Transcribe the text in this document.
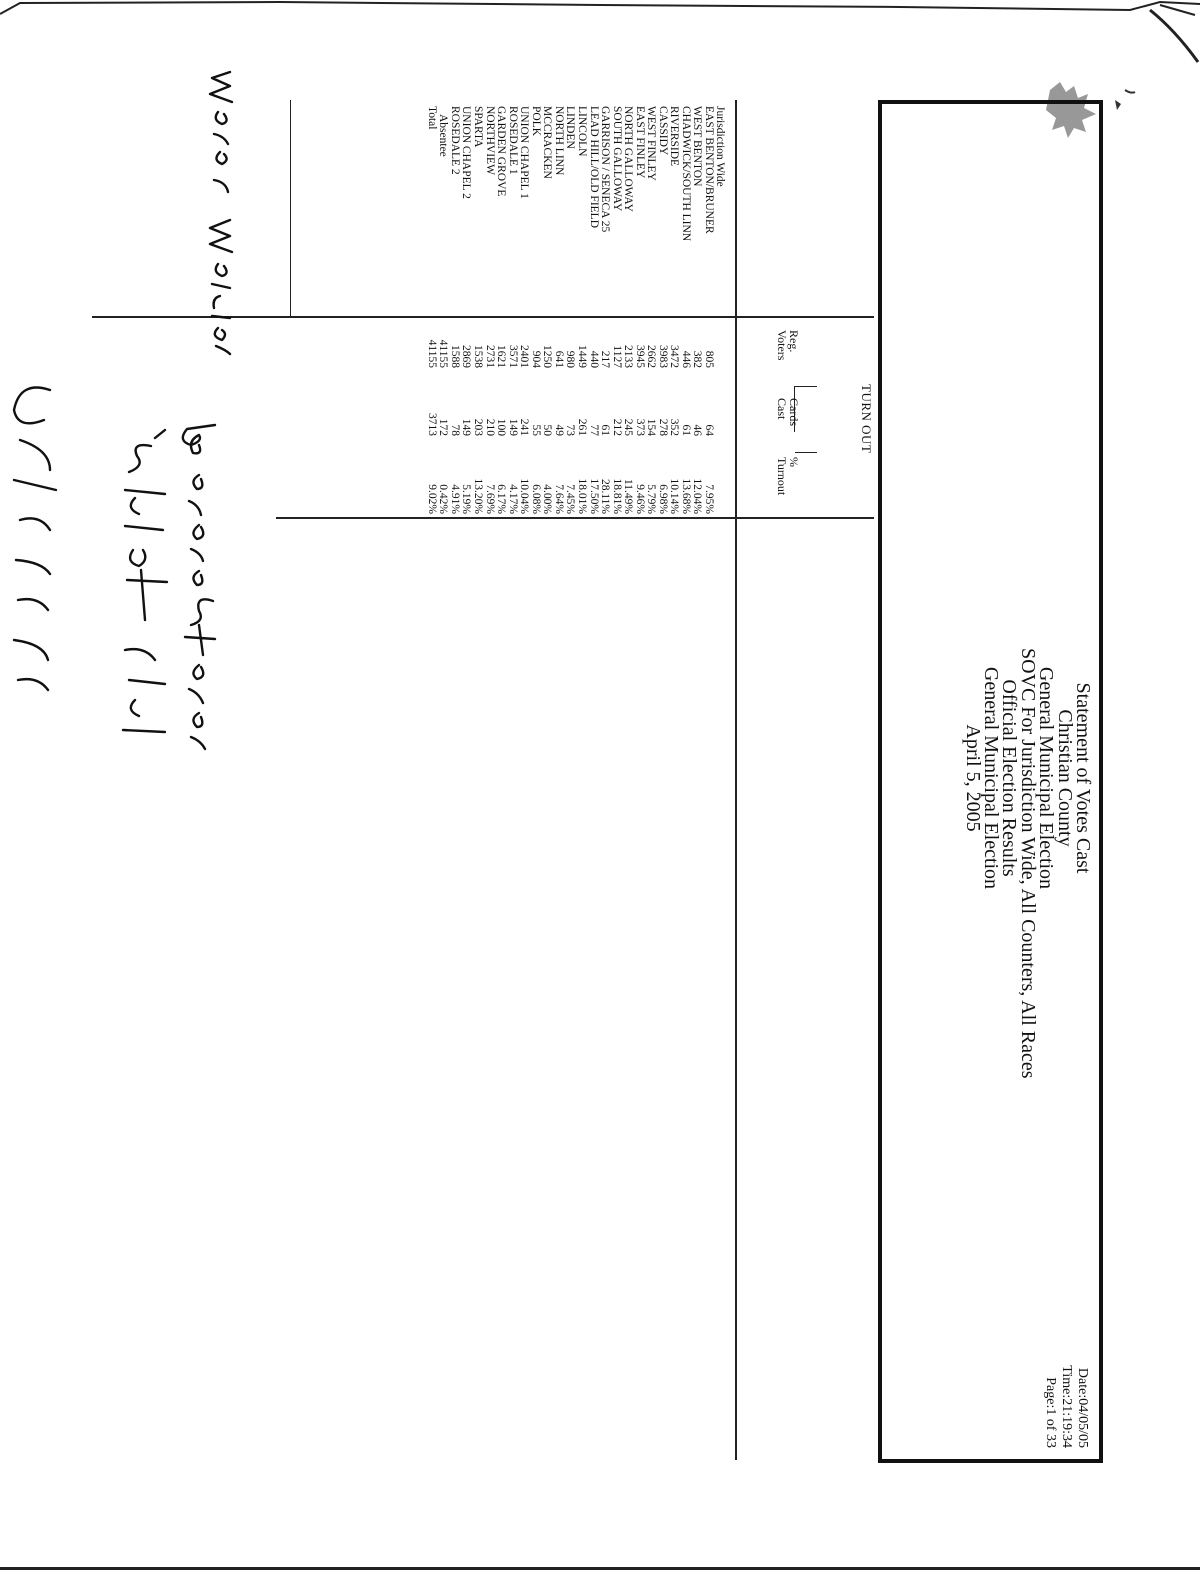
Statement of Votes Cast
Christian County
General Municipal Election
SOVC For Jurisdiction Wide, All Counters, All Races
Official Election Results
General Municipal Election
April 5, 2005
Date:04/05/05
Time:21:19:34
Page:1 of 33
TURN OUT
Reg. Voters
Cards Cast
% Turnout
Jurisdiction Wide
EAST BENTON/BRUNER
805
64
7.95%
WEST BENTON
382
46
12.04%
CHADWICK/SOUTH LINN
446
61
13.68%
RIVERSIDE
3472
352
10.14%
CASSIDY
3983
278
6.98%
WEST FINLEY
2662
154
5.79%
EAST FINLEY
3945
373
9.46%
NORTH GALLOWAY
2133
245
11.49%
SOUTH GALLOWAY
1127
212
18.81%
GARRISON / SENECA 25
217
61
28.11%
LEAD HILL/OLD FIELD
440
77
17.50%
LINCOLN
1449
261
18.01%
LINDEN
980
73
7.45%
NORTH LINN
641
49
7.64%
MCCRACKEN
1250
50
4.00%
POLK
904
55
6.08%
UNION CHAPEL 1
2401
241
10.04%
ROSEDALE 1
3571
149
4.17%
GARDEN GROVE
1621
100
6.17%
NORTHVIEW
2731
210
7.69%
SPARTA
1538
203
13.20%
UNION CHAPEL 2
2869
149
5.19%
ROSEDALE 2
1588
78
4.91%
Absentee
41155
172
0.42%
Total
41155
3713
9.02%
